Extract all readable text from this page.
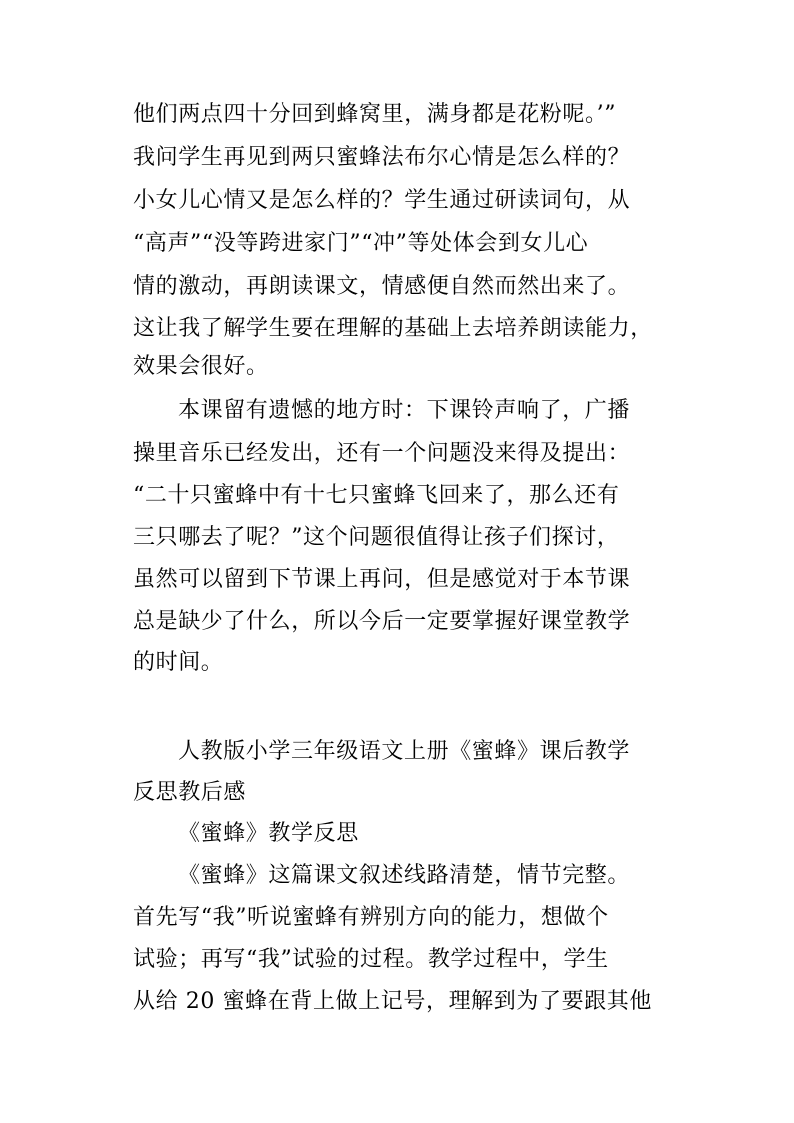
他们两点四十分回到蜂窝里，满身都是花粉呢。’”
我问学生再见到两只蜜蜂法布尔心情是怎么样的？
小女儿心情又是怎么样的？学生通过研读词句，从
“高声”“没等跨进家门”“冲”等处体会到女儿心
情的激动，再朗读课文，情感便自然而然出来了。
这让我了解学生要在理解的基础上去培养朗读能力，
效果会很好。
本课留有遗憾的地方时：下课铃声响了，广播
操里音乐已经发出，还有一个问题没来得及提出：
“二十只蜜蜂中有十七只蜜蜂飞回来了，那么还有
三只哪去了呢？”这个问题很值得让孩子们探讨，
虽然可以留到下节课上再问，但是感觉对于本节课
总是缺少了什么，所以今后一定要掌握好课堂教学
的时间。
人教版小学三年级语文上册《蜜蜂》课后教学
反思教后感
《蜜蜂》教学反思
《蜜蜂》这篇课文叙述线路清楚，情节完整。
首先写“我”听说蜜蜂有辨别方向的能力，想做个
试验；再写“我”试验的过程。教学过程中，学生
从给 20 蜜蜂在背上做上记号，理解到为了要跟其他
